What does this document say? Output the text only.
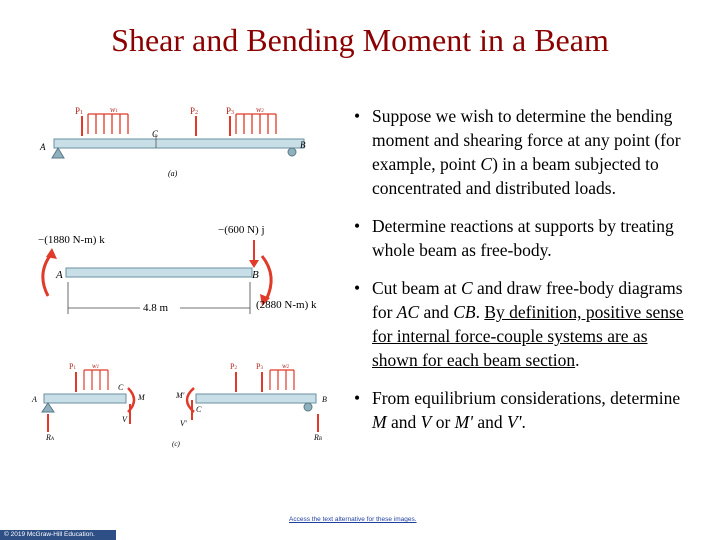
Shear and Bending Moment in a Beam
P1	w1
C
P2	P3	w2
A	B
(a)
−(1880 N-m) k
−(600 N) j
A	B
4.8 m	(2880 N-m) k
P1 w1
C
M
V
A
RA
M'
V'
C
P2 P3	w2
B
RB
(c)
• Suppose we wish to determine the bending moment and shearing force at any point (for example, point C) in a beam subjected to concentrated and distributed loads.
• Determine reactions at supports by treating whole beam as free-body.
• Cut beam at C and draw free-body diagrams for AC and CB. By definition, positive sense for internal force-couple systems are as shown for each beam section.
• From equilibrium considerations, determine M and V or M' and V'.
Access the text alternative for these images.
© 2019 McGraw-Hill Education.
